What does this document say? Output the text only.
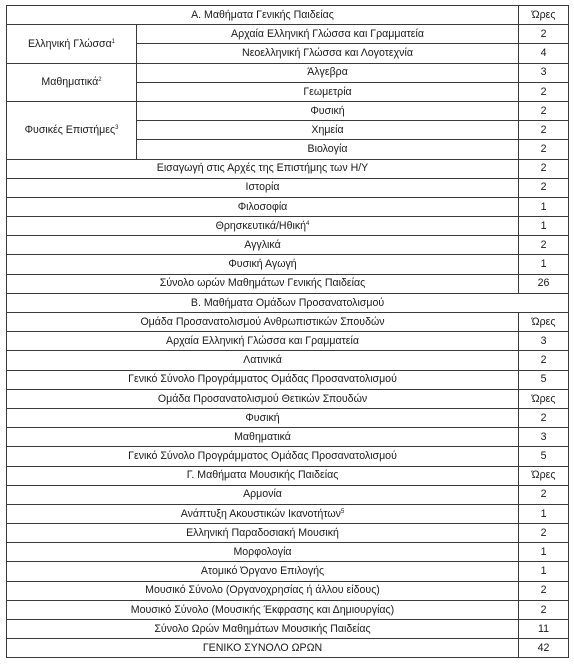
Α. Μαθήματα Γενικής Παιδείας		Ώρες
Ελληνική Γλώσσα$^1$	Αρχαία Ελληνική Γλώσσα και Γραμματεία	2
	Νεοελληνική Γλώσσα και Λογοτεχνία	4
Μαθηματικά$^2$	Άλγεβρα	3
	Γεωμετρία	2
Φυσικές Επιστήμες$^3$	Φυσική	2
	Χημεία	2
	Βιολογία	2
Εισαγωγή στις Αρχές της Επιστήμης των Η/Υ		2
Ιστορία		2
Φιλοσοφία		1
Θρησκευτικά/Ηθική$^4$		1
Αγγλικά		2
Φυσική Αγωγή		1
Σύνολο ωρών Μαθημάτων Γενικής Παιδείας		26
Β. Μαθήματα Ομάδων Προσανατολισμού		
Ομάδα Προσανατολισμού Ανθρωπιστικών Σπουδών		Ώρες
Αρχαία Ελληνική Γλώσσα και Γραμματεία		3
Λατινικά		2
Γενικό Σύνολο Προγράμματος Ομάδας Προσανατολισμού		5
Ομάδα Προσανατολισμού Θετικών Σπουδών		Ώρες
Φυσική		2
Μαθηματικά		3
Γενικό Σύνολο Προγράμματος Ομάδας Προσανατολισμού		5
Γ. Μαθήματα Μουσικής Παιδείας		Ώρες
Αρμονία		2
Ανάπτυξη Ακουστικών Ικανοτήτων$^5$		1
Ελληνική Παραδοσιακή Μουσική		2
Μορφολογία		1
Ατομικό Όργανο Επιλογής		1
Μουσικό Σύνολο (Οργανοχρησίας ή άλλου είδους)		2
Μουσικό Σύνολο (Μουσικής Έκφρασης και Δημιουργίας)		2
Σύνολο Ωρών Μαθημάτων Μουσικής Παιδείας		11
ΓΕΝΙΚΟ ΣΥΝΟΛΟ ΩΡΩΝ		42
